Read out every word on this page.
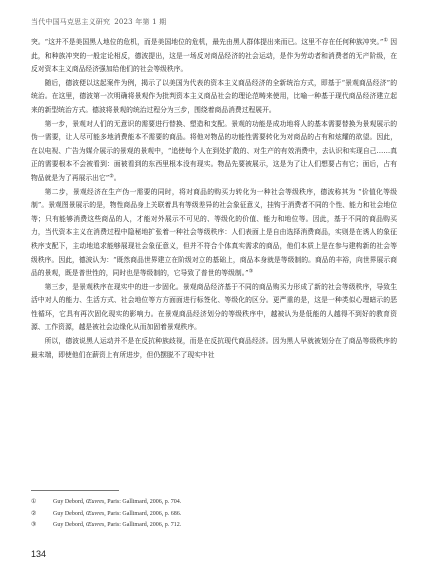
当代中国马克思主义研究 2023 年第 1 期

突。“这并不是美国黑人地位的危机，而是美国地位的危机，最先由黑人群体提出来而已。这里不存在任何种族冲突。”① 因此，和种族冲突的一般定论相反，德波提出，这是一场反对商品经济的社会运动，是作为劳动者和消费者的无产阶级，在反对资本主义商品经济强加给他们的社会等级秩序。

随后，德波便以这起案件为例，揭示了以美国为代表的资本主义商品经济的全新统治方式，即基于“景观商品经济”的统治。在这里，德波第一次明确将景观作为批判资本主义商品社会的理论范畴来使用，比喻一种基于现代商品经济建立起来的新型统治方式。德波将景观的统治过程分为三步，围绕着商品消费过程展开。

第一步，景观对人们的无意识的需要进行替换、塑造和支配。景观的功能是成功地将人的基本需要替换为景观展示的伪一需要，让人尽可能多地消费能本不需要的商品。将他对物品的功能性需要转化为对商品的占有和炫耀的欲望。因此，在以电视、广告为媒介展示的景观的景观中，“追使每个人在到处扩散的、对生产的有效消费中，去认识和实现自己……真正的需要根本不会被看到：面被看到的东西里根本没有现实。物品先要被展示，这是为了让人们想要占有它；面后，占有物品就是为了再展示出它”②。

第二步，景观经济在生产伪一需要的同时，将对商品的购买力转化为一种社会等级秩序，德波称其为 “价值化等级制”。景观图景展示的是，物性商品身上关联着具有等级差异的社会象征意义，挂钩于消费者不同的个性、能力和社会地位等；只有能够消费这些商品的人，才能对外展示不可见的、等级化的价值、能力和地位等。因此，基于不同的商品购买力，当代资本主义在消费过程中隐秘地扩张着一种社会等级秩序：人们表面上是自由选择消费商品，实则是在诱人的象征秩序支配下，主动地追求能够展现社会象征意义，但并不符合个体真实需求的商品，他们本质上是在参与建构新的社会等级秩序。因此，德波认为：“既然商品世界建立在阶级对立的基础上，商品本身就是等级制的。商品的丰裕，向世界展示商品的景观，既是普世性的，同时也是等级制的，它导致了普世的等级制。”③

第三步，是景观秩序在现实中的进一步固化。景观商品经济基于不同的商品购买力形成了新的社会等级秩序，导致生活中对人的能力、生活方式、社会地位等方方面面进行标签化、等级化的区分。更严重的是，这是一种类似心理暗示的恶性循环，它具有再次固化现实的影响力。在景观商品经济划分的等级秩序中，越被认为是低能的人越得不到好的教育资源、工作资源，越是被社会边缘化从而加固着景观秩序。

所以，德波说黑人运动并不是在反抗种族歧视，而是在反抗现代商品经济。因为黑人早就被划分在了商品等级秩序的最末端，即使他们在薪资上有所进步，但仍摆脱不了现实中社

①	Guy Debord, Œuvres, Paris: Gallimard, 2006, p. 704.
②	Guy Debord, Œuvres, Paris: Gallimard, 2006, p. 686.
③	Guy Debord, Œuvres, Paris: Gallimard, 2006, p. 712.
134
